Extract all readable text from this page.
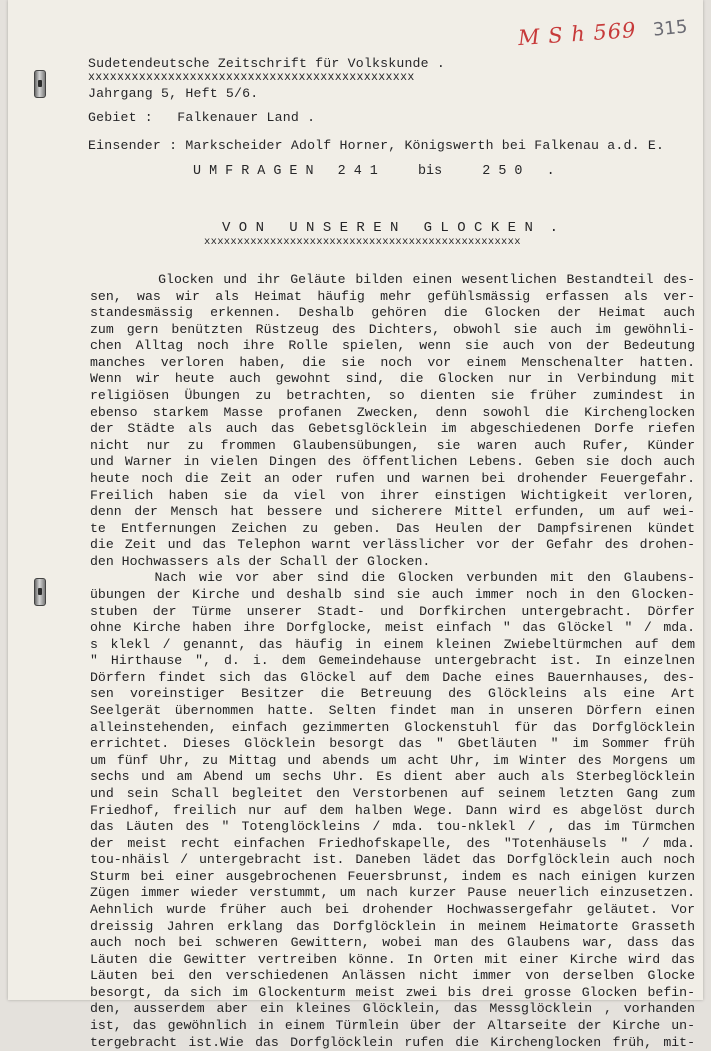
M S h 569 315
Sudetendeutsche Zeitschrift für Volkskunde .
xxxxxxxxxxxxxxxxxxxxxxxxxxxxxxxxxxxxxxxxxxxxx
Jahrgang 5, Heft 5/6.
Gebiet :   Falkenauer Land .
Einsender : Markscheider Adolf Horner, Königswerth bei Falkenau a.d. E.
U M F R A G E N   2 4 1     bis     2 5 0   .
V O N   U N S E R E N   G L O C K E N  .
xxxxxxxxxxxxxxxxxxxxxxxxxxxxxxxxxxxxxxxxxxxxxxxx
Glocken und ihr Geläute bilden einen wesentlichen Bestandteil des-
sen, was wir als Heimat häufig mehr gefühlsmässig erfassen als ver-
standesmässig erkennen. Deshalb gehören die Glocken der Heimat auch
zum gern benützten Rüstzeug des Dichters, obwohl sie auch im gewöhnli-
chen Alltag noch ihre Rolle spielen, wenn sie auch von der Bedeutung
manches verloren haben, die sie noch vor einem Menschenalter hatten.
Wenn wir heute auch gewohnt sind, die Glocken nur in Verbindung mit
religiösen Übungen zu betrachten, so dienten sie früher zumindest in
ebenso starkem Masse profanen Zwecken, denn sowohl die Kirchenglocken
der Städte als auch das Gebetsglöcklein im abgeschiedenen Dorfe riefen
nicht nur zu frommen Glaubensübungen, sie waren auch Rufer, Künder
und Warner in vielen Dingen des öffentlichen Lebens. Geben sie doch auch
heute noch die Zeit an oder rufen und warnen bei drohender Feuergefahr.
Freilich haben sie da viel von ihrer einstigen Wichtigkeit verloren,
denn der Mensch hat bessere und sicherere Mittel erfunden, um auf wei-
te Entfernungen Zeichen zu geben. Das Heulen der Dampfsirenen kündet
die Zeit und das Telephon warnt verlässlicher vor der Gefahr des drohen-
den Hochwassers als der Schall der Glocken.
Nach wie vor aber sind die Glocken verbunden mit den Glaubens-
übungen der Kirche und deshalb sind sie auch immer noch in den Glocken-
stuben der Türme unserer Stadt- und Dorfkirchen untergebracht. Dörfer
ohne Kirche haben ihre Dorfglocke, meist einfach " das Glöckel " / mda.
s klekl / genannt, das häufig in einem kleinen Zwiebeltürmchen auf dem
" Hirthause ", d. i. dem Gemeindehause untergebracht ist. In einzelnen
Dörfern findet sich das Glöckel auf dem Dache eines Bauernhauses, des-
sen voreinstiger Besitzer die Betreuung des Glöckleins als eine Art
Seelgerät übernommen hatte. Selten findet man in unseren Dörfern einen
alleinstehenden, einfach gezimmerten Glockenstuhl für das Dorfglöcklein
errichtet. Dieses Glöcklein besorgt das " Gbetläuten " im Sommer früh
um fünf Uhr, zu Mittag und abends um acht Uhr, im Winter des Morgens um
sechs und am Abend um sechs Uhr. Es dient aber auch als Sterbeglöcklein
und sein Schall begleitet den Verstorbenen auf seinem letzten Gang zum
Friedhof, freilich nur auf dem halben Wege. Dann wird es abgelöst durch
das Läuten des " Totenglöckleins / mda. tou-nklekl / , das im Türmchen
der meist recht einfachen Friedhofskapelle, des "Totenhäusels " / mda.
tou-nhäisl / untergebracht ist. Daneben lädet das Dorfglöcklein auch noch
Sturm bei einer ausgebrochenen Feuersbrunst, indem es nach einigen kurzen
Zügen immer wieder verstummt, um nach kurzer Pause neuerlich einzusetzen.
Aehnlich wurde früher auch bei drohender Hochwassergefahr geläutet. Vor
dreissig Jahren erklang das Dorfglöcklein in meinem Heimatorte Grasseth
auch noch bei schweren Gewittern, wobei man des Glaubens war, dass das
Läuten die Gewitter vertreiben könne. In Orten mit einer Kirche wird das
Läuten bei den verschiedenen Anlässen nicht immer von derselben Glocke
besorgt, da sich im Glockenturm meist zwei bis drei grosse Glocken befin-
den, ausserdem aber ein kleines Glöcklein, das Messglöcklein , vorhanden
ist, das gewöhnlich in einem Türmlein über der Altarseite der Kirche un-
tergebracht ist.Wie das Dorfglöcklein rufen die Kirchenglocken früh, mit-
